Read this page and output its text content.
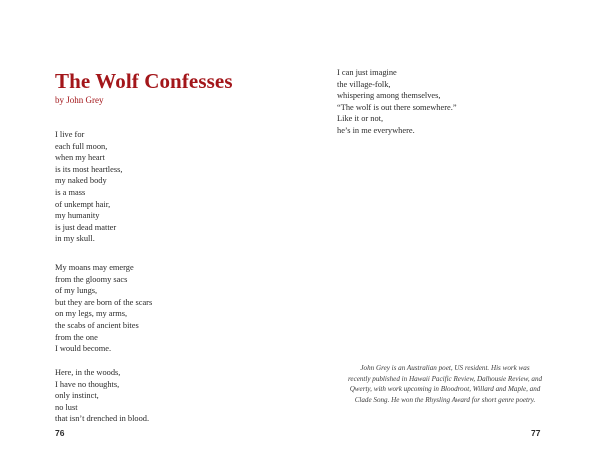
The Wolf Confesses
by John Grey

I live for

each full moon,

when my heart

is its most heartless,

my naked body

is a mass

of unkempt hair,

my humanity

is just dead matter

in my skull.

My moans may emerge

from the gloomy sacs

of my lungs,

but they are born of the scars

on my legs, my arms,

the scabs of ancient bites

from the one

I would become.

Here, in the woods,

I have no thoughts,

only instinct,

no lust

that isn’t drenched in blood.

76

I can just imagine

the village-folk,

whispering among themselves,

“The wolf is out there somewhere.”

Like it or not,

he’s in me everywhere.

John Grey is an Australian poet, US resident. His work was

recently published in Hawaii Pacific Review, Dalhousie Review, and

Qwerty, with work upcoming in Bloodroot, Willard and Maple, and

Clade Song. He won the Rhysling Award for short genre poetry.

77
